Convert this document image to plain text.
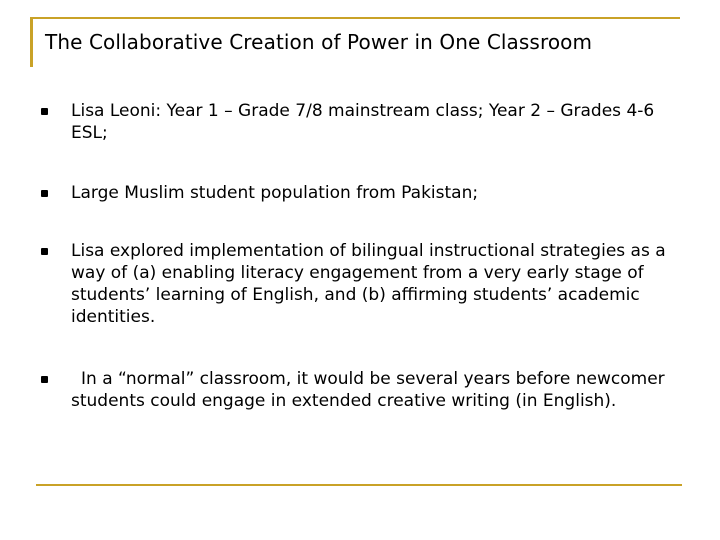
The Collaborative Creation of Power in One Classroom
Lisa Leoni: Year 1 – Grade 7/8 mainstream class; Year 2 – Grades 4-6 ESL;
Large Muslim student population from Pakistan;
Lisa explored implementation of bilingual instructional strategies as a way of (a) enabling literacy engagement from a very early stage of students’ learning of English, and (b) affirming students’ academic identities.
In a “normal” classroom, it would be several years before newcomer students could engage in extended creative writing (in English).
